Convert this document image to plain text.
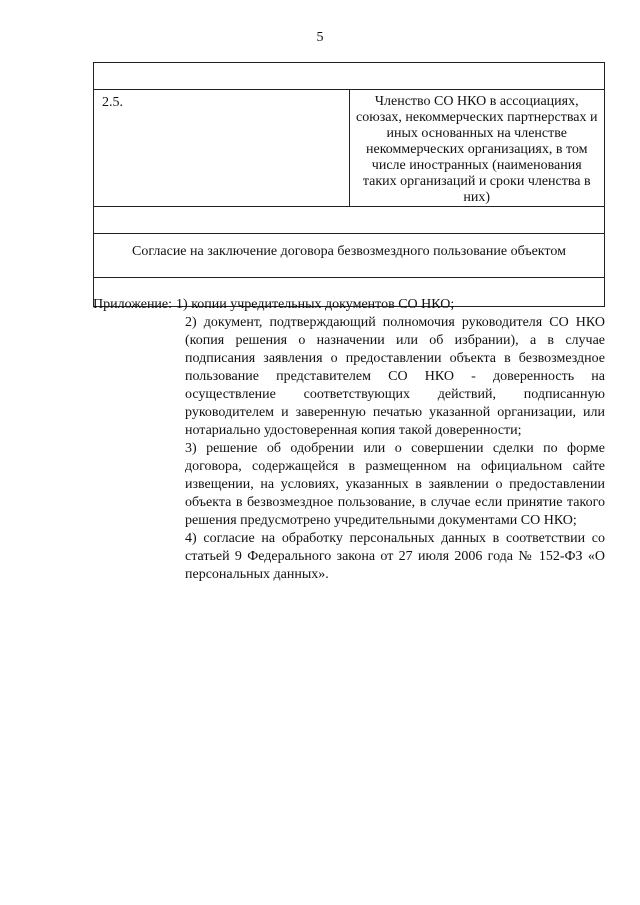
5

2.5.	Членство СО НКО в ассоциациях, союзах, некоммерческих партнерствах и иных основанных на членстве некоммерческих организациях, в том числе иностранных (наименования таких организаций и сроки членства в них)

Согласие на заключение договора безвозмездного пользование объектом

Приложение: 1) копии учредительных документов СО НКО;
2) документ, подтверждающий полномочия руководителя СО НКО (копия решения о назначении или об избрании), а в случае подписания заявления о предоставлении объекта в безвозмездное пользование представителем СО НКО - доверенность на осуществление соответствующих действий, подписанную руководителем и заверенную печатью указанной организации, или нотариально удостоверенная копия такой доверенности;
3) решение об одобрении или о совершении сделки по форме договора, содержащейся в размещенном на официальном сайте извещении, на условиях, указанных в заявлении о предоставлении объекта в безвозмездное пользование, в случае если принятие такого решения предусмотрено учредительными документами СО НКО;
4) согласие на обработку персональных данных в соответствии со статьей 9 Федерального закона от 27 июля 2006 года № 152-ФЗ «О персональных данных».
